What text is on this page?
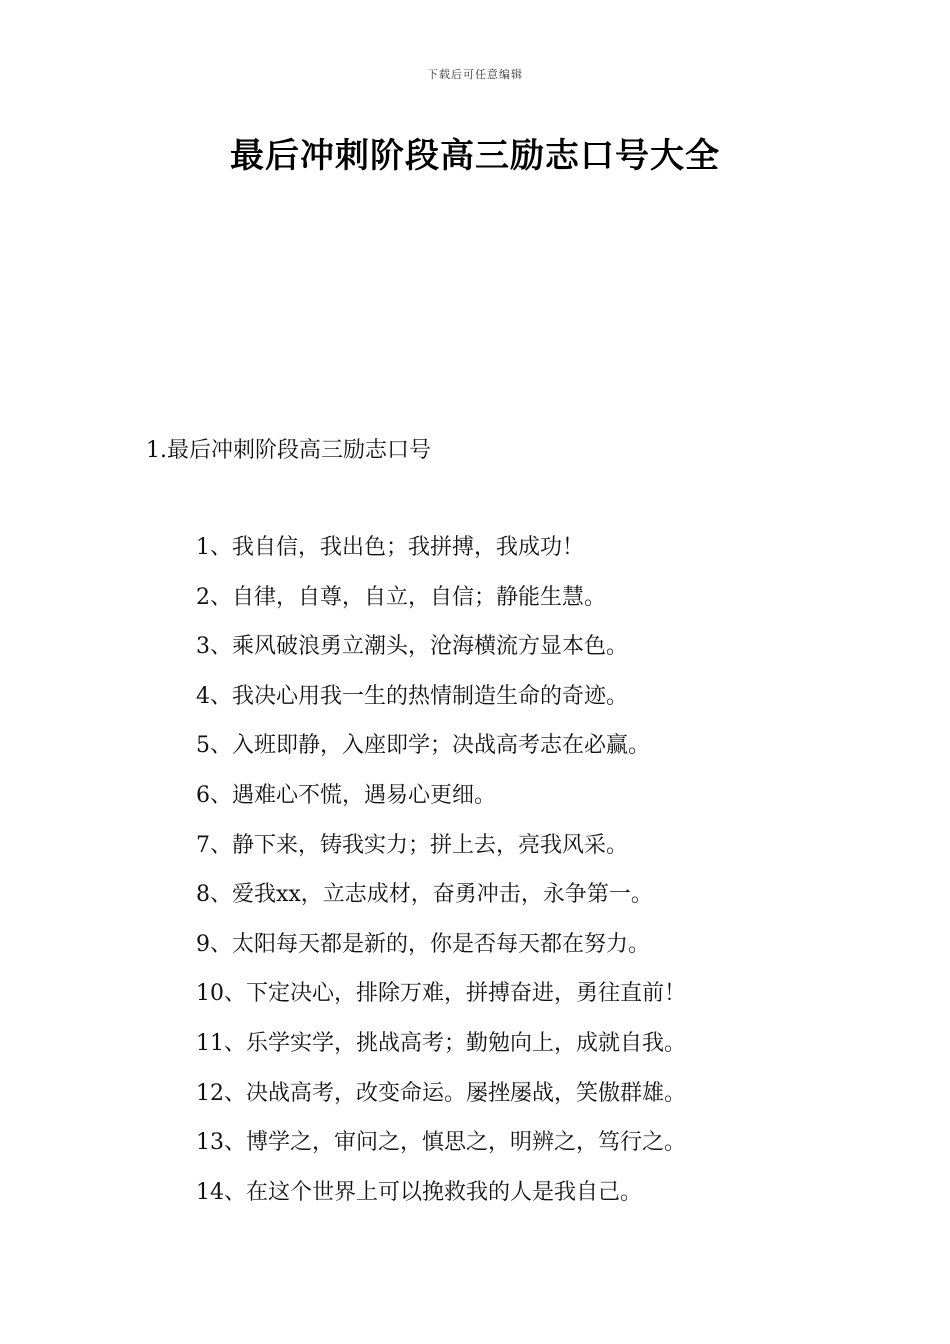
下载后可任意编辑
最后冲刺阶段高三励志口号大全
1.最后冲刺阶段高三励志口号
1、我自信，我出色；我拼搏，我成功！
2、自律，自尊，自立，自信；静能生慧。
3、乘风破浪勇立潮头，沧海横流方显本色。
4、我决心用我一生的热情制造生命的奇迹。
5、入班即静，入座即学；决战高考志在必赢。
6、遇难心不慌，遇易心更细。
7、静下来，铸我实力；拼上去，亮我风采。
8、爱我xx，立志成材，奋勇冲击，永争第一。
9、太阳每天都是新的，你是否每天都在努力。
10、下定决心，排除万难，拼搏奋进，勇往直前！
11、乐学实学，挑战高考；勤勉向上，成就自我。
12、决战高考，改变命运。屡挫屡战，笑傲群雄。
13、博学之，审问之，慎思之，明辨之，笃行之。
14、在这个世界上可以挽救我的人是我自己。
